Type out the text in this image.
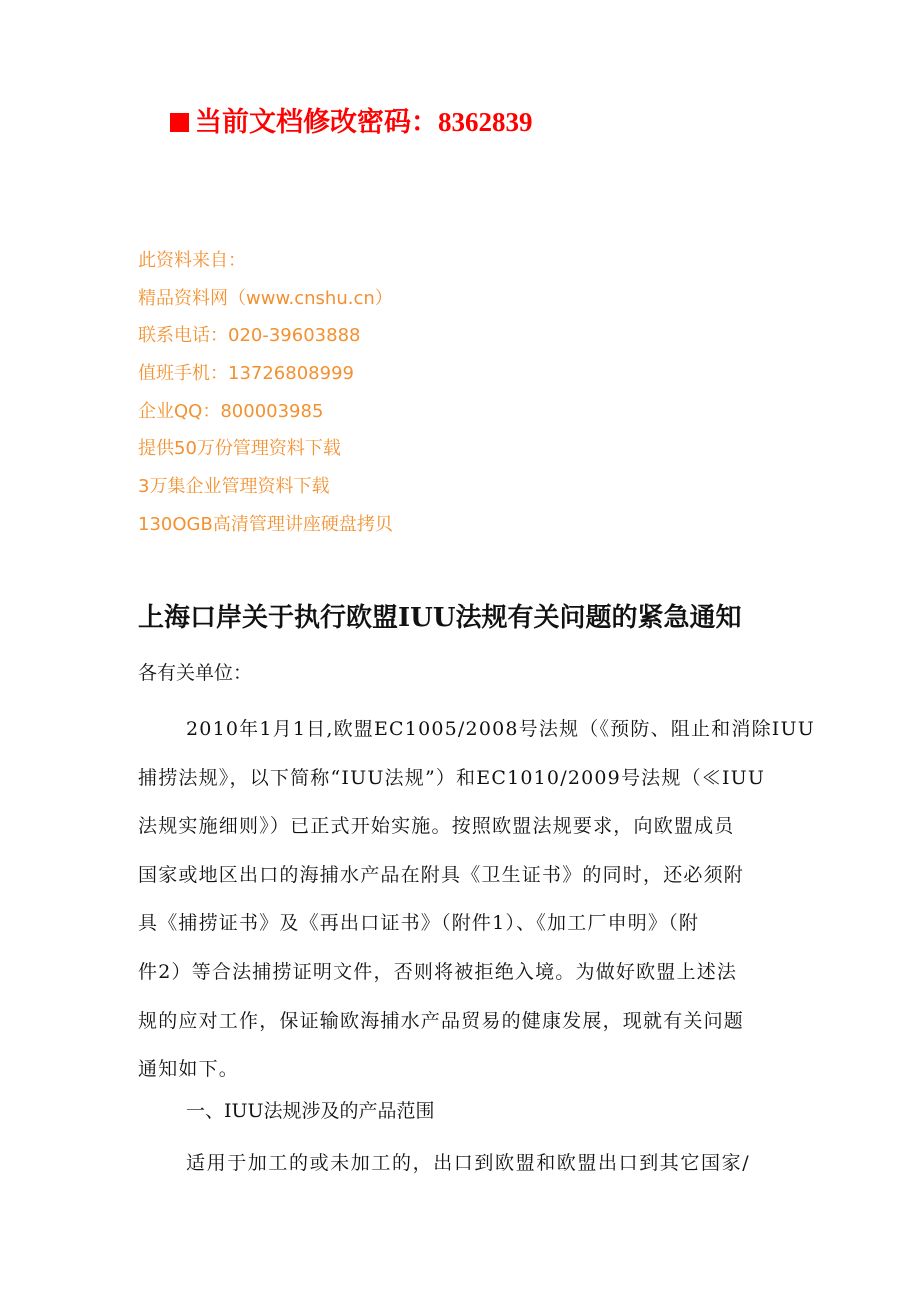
当前文档修改密码：8362839
此资料来自：
精品资料网（www.cnshu.cn）
联系电话：020-39603888
值班手机：13726808999
企业QQ：800003985
提供50万份管理资料下载
3万集企业管理资料下载
130OGB高清管理讲座硬盘拷贝
上海口岸关于执行欧盟IUU法规有关问题的紧急通知
各有关单位：
2010年1月1日,欧盟EC1005/2008号法规（《预防、阻止和消除IUU
捕捞法规》，以下简称“IUU法规”）和EC1010/2009号法规（≪IUU
法规实施细则》）已正式开始实施。按照欧盟法规要求，向欧盟成员
国家或地区出口的海捕水产品在附具《卫生证书》的同时，还必须附
具《捕捞证书》及《再出口证书》（附件1）、《加工厂申明》（附
件2）等合法捕捞证明文件，否则将被拒绝入境。为做好欧盟上述法
规的应对工作，保证输欧海捕水产品贸易的健康发展，现就有关问题
通知如下。
一、IUU法规涉及的产品范围
适用于加工的或未加工的，出口到欧盟和欧盟出口到其它国家/
